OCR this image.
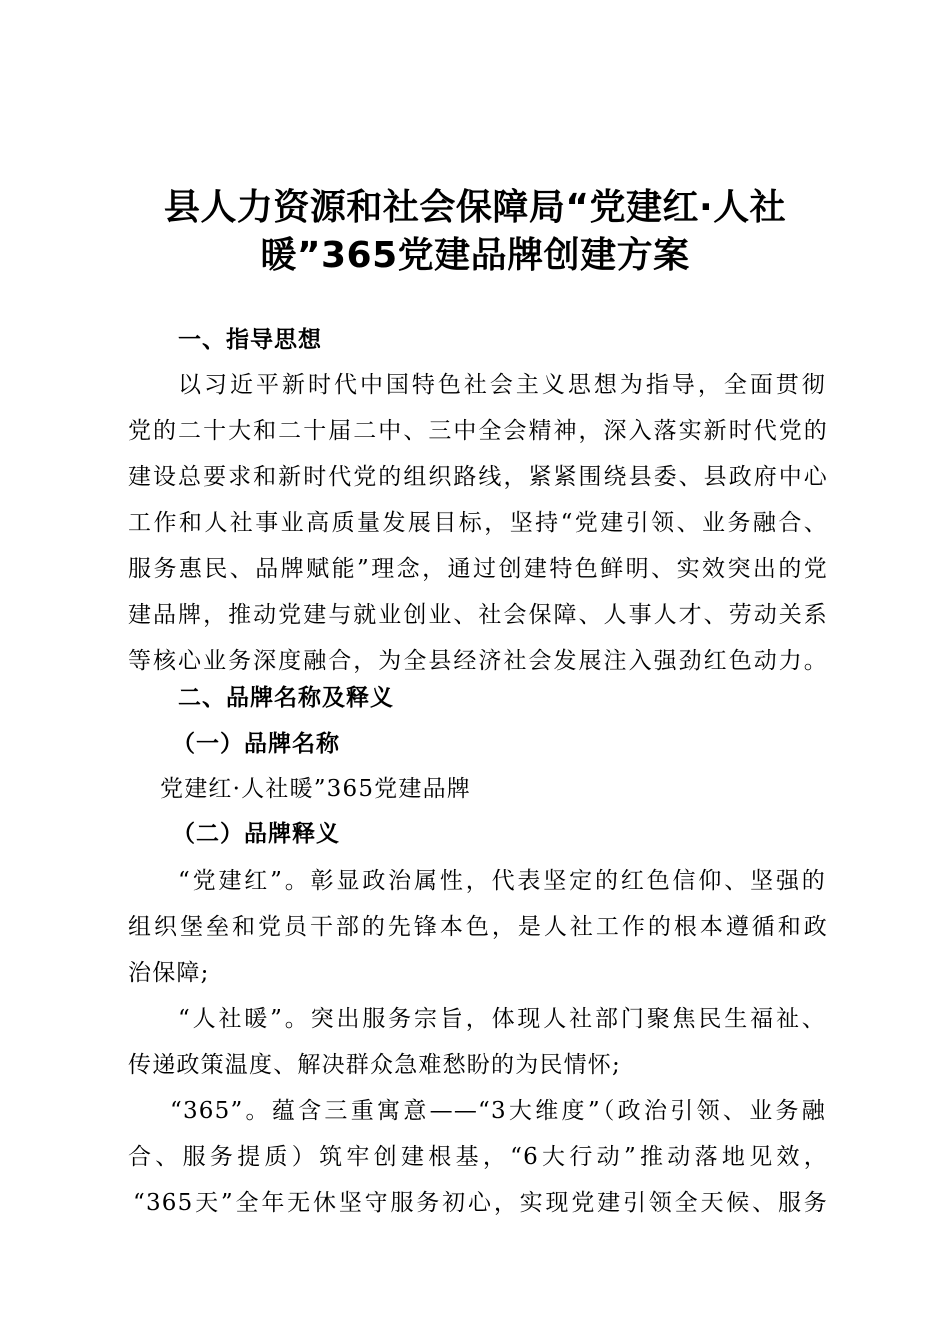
县人力资源和社会保障局“党建红·人社
暖”365党建品牌创建方案
一、指导思想
以习近平新时代中国特色社会主义思想为指导，全面贯彻
党的二十大和二十届二中、三中全会精神，深入落实新时代党的
建设总要求和新时代党的组织路线，紧紧围绕县委、县政府中心
工作和人社事业高质量发展目标，坚持“党建引领、业务融合、
服务惠民、品牌赋能”理念，通过创建特色鲜明、实效突出的党
建品牌，推动党建与就业创业、社会保障、人事人才、劳动关系
等核心业务深度融合，为全县经济社会发展注入强劲红色动力。
二、品牌名称及释义
（一）品牌名称
党建红·人社暖”365党建品牌
（二）品牌释义
“党建红”。彰显政治属性，代表坚定的红色信仰、坚强的
组织堡垒和党员干部的先锋本色，是人社工作的根本遵循和政
治保障;
“人社暖”。突出服务宗旨，体现人社部门聚焦民生福祉、
传递政策温度、解决群众急难愁盼的为民情怀;
“365”。蕴含三重寓意——“3大维度”（政治引领、业务融
合、服务提质）筑牢创建根基，“6大行动”推动落地见效，
“365天”全年无休坚守服务初心，实现党建引领全天候、服务
